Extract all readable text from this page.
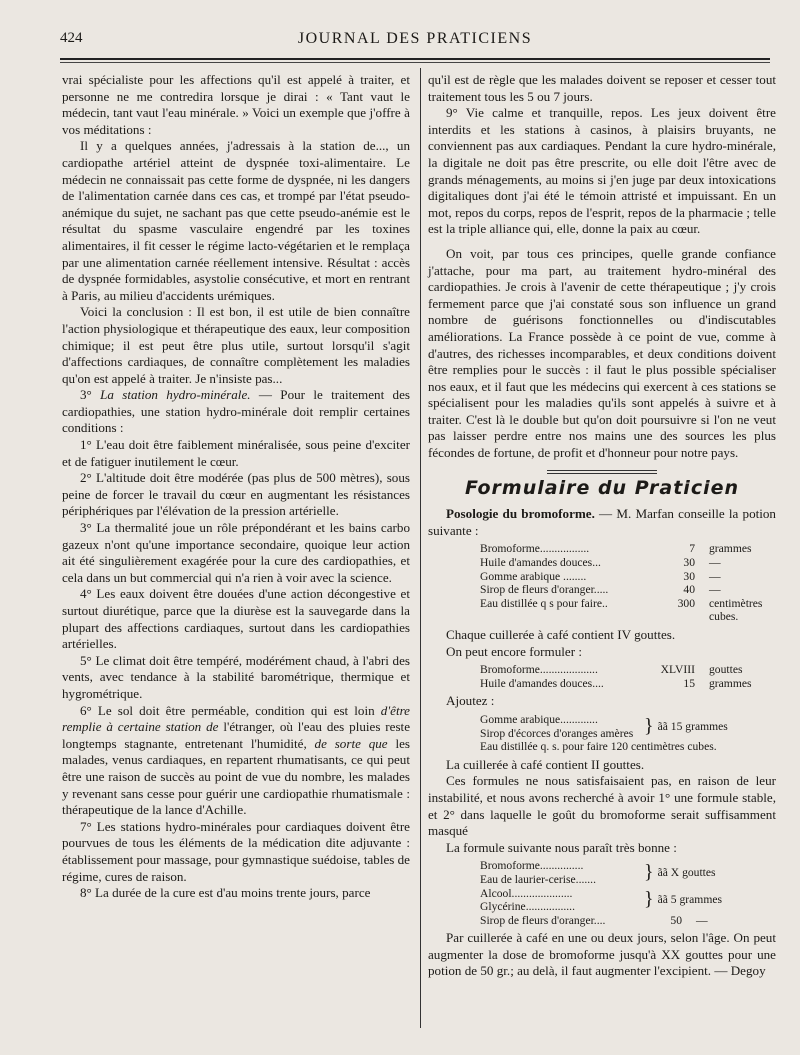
424	JOURNAL DES PRATICIENS

vrai spécialiste pour les affections qu'il est appelé à traiter, et personne ne me contredira lorsque je dirai : « Tant vaut le médecin, tant vaut l'eau minérale. » Voici un exemple que j'offre à vos méditations :

Il y a quelques années, j'adressais à la station de..., un cardiopathe artériel atteint de dyspnée toxi-alimentaire. Le médecin ne connaissait pas cette forme de dyspnée, ni les dangers de l'alimentation carnée dans ces cas, et trompé par l'état pseudo-anémique du sujet, ne sachant pas que cette pseudo-anémie est le résultat du spasme vasculaire engendré par les toxines alimentaires, il fit cesser le régime lacto-végétarien et le remplaça par une alimentation carnée réellement intensive. Résultat : accès de dyspnée formidables, asystolie consécutive, et mort en rentrant à Paris, au milieu d'accidents urémiques.

Voici la conclusion : Il est bon, il est utile de bien connaître l'action physiologique et thérapeutique des eaux, leur composition chimique; il est peut être plus utile, surtout lorsqu'il s'agit d'affections cardiaques, de connaître complètement les maladies qu'on est appelé à traiter. Je n'insiste pas...

3° La station hydro-minérale. — Pour le traitement des cardiopathies, une station hydro-minérale doit remplir certaines conditions :

1° L'eau doit être faiblement minéralisée, sous peine d'exciter et de fatiguer inutilement le cœur.

2° L'altitude doit être modérée (pas plus de 500 mètres), sous peine de forcer le travail du cœur en augmentant les résistances périphériques par l'élévation de la pression artérielle.

3° La thermalité joue un rôle prépondérant et les bains carbo gazeux n'ont qu'une importance secondaire, quoique leur action ait été singulièrement exagérée pour la cure des cardiopathies, et cela dans un but commercial qui n'a rien à voir avec la science.

4° Les eaux doivent être douées d'une action décongestive et surtout diurétique, parce que la diurèse est la sauvegarde dans la plupart des affections cardiaques, surtout dans les cardiopathies artérielles.

5° Le climat doit être tempéré, modérément chaud, à l'abri des vents, avec tendance à la stabilité barométrique, thermique et hygrométrique.

6° Le sol doit être perméable, condition qui est loin d'être remplie à certaine station de l'étranger, où l'eau des pluies reste longtemps stagnante, entretenant l'humidité, de sorte que les malades, venus cardiaques, en repartent rhumatisants, ce qui peut être une raison de succès au point de vue du nombre, les malades y revenant sans cesse pour guérir une cardiopathie rhumatismale : thérapeutique de la lance d'Achille.

7° Les stations hydro-minérales pour cardiaques doivent être pourvues de tous les éléments de la médication dite adjuvante : établissement pour massage, pour gymnastique suédoise, tables de régime, cures de raison.

8° La durée de la cure est d'au moins trente jours, parce

qu'il est de règle que les malades doivent se reposer et cesser tout traitement tous les 5 ou 7 jours.

9° Vie calme et tranquille, repos. Les jeux doivent être interdits et les stations à casinos, à plaisirs bruyants, ne conviennent pas aux cardiaques. Pendant la cure hydro-minérale, la digitale ne doit pas être prescrite, ou elle doit l'être avec de grands ménagements, au moins si j'en juge par deux intoxications digitaliques dont j'ai été le témoin attristé et impuissant. En un mot, repos du corps, repos de l'esprit, repos de la pharmacie ; telle est la triple alliance qui, elle, donne la paix au cœur.

On voit, par tous ces principes, quelle grande confiance j'attache, pour ma part, au traitement hydro-minéral des cardiopathies. Je crois à l'avenir de cette thérapeutique ; j'y crois fermement parce que j'ai constaté sous son influence un grand nombre de guérisons fonctionnelles ou d'indiscutables améliorations. La France possède à ce point de vue, comme à d'autres, des richesses incomparables, et deux conditions doivent être remplies pour le succès : il faut le plus possible spécialiser nos eaux, et il faut que les médecins qui exercent à ces stations se spécialisent pour les maladies qu'ils sont appelés à suivre et à traiter. C'est là le double but qu'on doit poursuivre si l'on ne veut pas laisser perdre entre nos mains une des sources les plus fécondes de fortune, de profit et d'honneur pour notre pays.

Formulaire du Praticien

Posologie du bromoforme. — M. Marfan conseille la potion suivante :

Bromoforme.................	7	grammes
Huile d'amandes douces...	30	—
Gomme arabique ........	30	—
Sirop de fleurs d'oranger.....	40	—
Eau distillée q s pour faire..	300	centimètres cubes.

Chaque cuillerée à café contient IV gouttes.

On peut encore formuler :

Bromoforme....................	XLVIII	gouttes
Huile d'amandes douces....	15	grammes

Ajoutez :

Gomme arabique.............
Sirop d'écorces d'oranges amères } ãã 15 grammes
Eau distillée q. s. pour faire 120 centimètres cubes.

La cuillerée à café contient II gouttes.

Ces formules ne nous satisfaisaient pas, en raison de leur instabilité, et nous avons recherché à avoir 1° une formule stable, et 2° dans laquelle le goût du bromoforme serait suffisamment masqué

La formule suivante nous paraît très bonne :

Bromoforme...............
Eau de laurier-cerise.......	} ãã X gouttes
Alcool.....................
Glycérine.................	} ãã 5 grammes
Sirop de fleurs d'oranger....	50	—

Par cuillerée à café en une ou deux jours, selon l'âge. On peut augmenter la dose de bromoforme jusqu'à XX gouttes pour une potion de 50 gr.; au delà, il faut augmenter l'excipient. — Degoy
